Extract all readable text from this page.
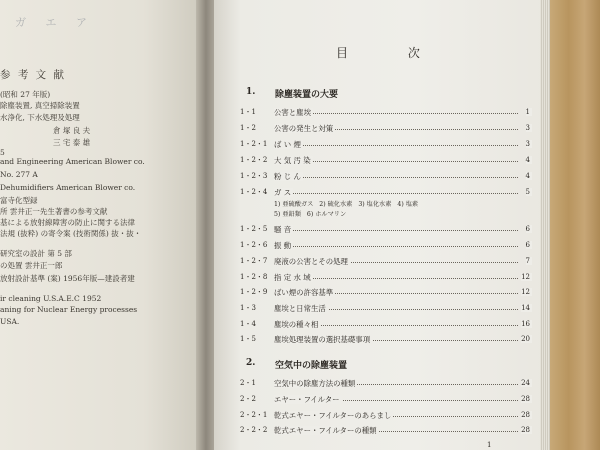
ガ エ ア
参 考 文 献
(昭和 27 年版)
除塵装置, 真空掃除装置
水浄化, 下水処理及処理
倉 塚 良 夫
三 宅 泰 雄
5
and Engineering American Blower co.
No. 277 A
Dehumidifiers American Blower co.
富寺化型録
所 雲井正一先生著書の参考文献
基による放射線障害の防止に関する法律
法規 (抜粋) の寄令案 (技術関係) 抜・抜・
研究室の設計 第 5 部
の処置 雲井正一郎
放射設計基準 (案) 1956年版—建設者建
ir cleaning U.S.A.E.C 1952
aning for Nuclear Energy processes
USA.
目 次
1. 除塵装置の大要
1・1 公害と塵埃	1
1・2 公害の発生と対策	3
1・2・1 ば い 煙	3
1・2・2 大 気 汚 染	4
1・2・3 粉 じ ん	4
1・2・4 ガ ス	5
1) 亜硫酸ガス 2) 硫化水素 3) 塩化水素 4) 塩素
5) 亜鉛類 6) ホルマリン
1・2・5 騒 音	6
1・2・6 振 動	6
1・2・7 廃液の公害とその処理	7
1・2・8 指 定 水 域	12
1・2・9 ばい煙の許容基準	12
1・3 塵埃と日常生活	14
1・4 塵埃の種々相	16
1・5 塵埃処理装置の選択基礎事項	20
2. 空気中の除塵装置
2・1 空気中の除塵方法の種類	24
2・2 エヤー・フイルター	28
2・2・1 乾式エヤー・フイルターのあらまし	28
2・2・2 乾式エヤー・フイルターの種類	28
1
